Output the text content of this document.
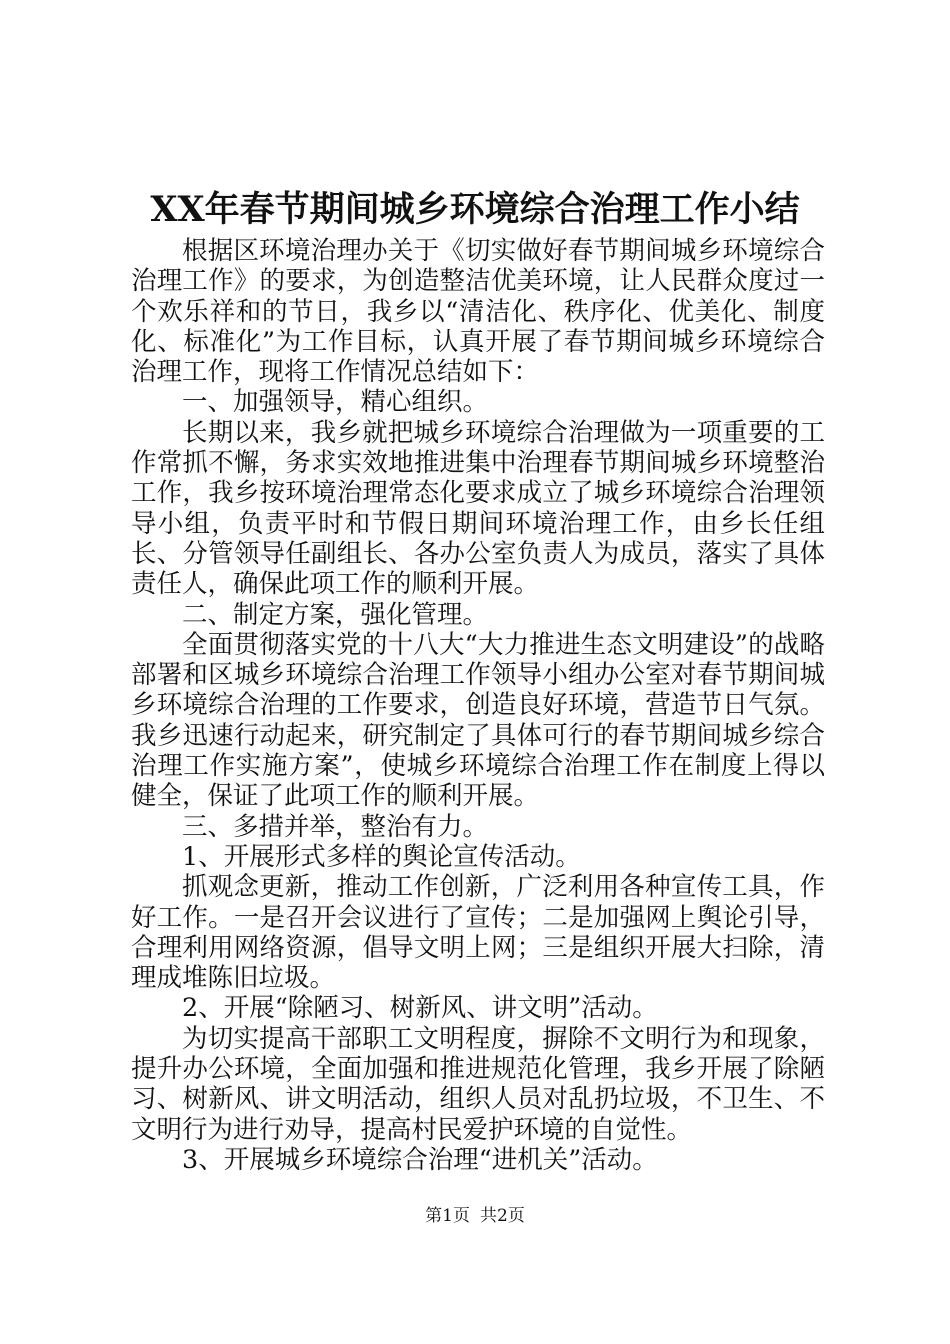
XX年春节期间城乡环境综合治理工作小结

根据区环境治理办关于《切实做好春节期间城乡环境综合治理工作》的要求，为创造整洁优美环境，让人民群众度过一个欢乐祥和的节日，我乡以“清洁化、秩序化、优美化、制度化、标准化”为工作目标，认真开展了春节期间城乡环境综合治理工作，现将工作情况总结如下：

一、加强领导，精心组织。

长期以来，我乡就把城乡环境综合治理做为一项重要的工作常抓不懈，务求实效地推进集中治理春节期间城乡环境整治工作，我乡按环境治理常态化要求成立了城乡环境综合治理领导小组，负责平时和节假日期间环境治理工作，由乡长任组长、分管领导任副组长、各办公室负责人为成员，落实了具体责任人，确保此项工作的顺利开展。

二、制定方案，强化管理。

全面贯彻落实党的十八大“大力推进生态文明建设”的战略部署和区城乡环境综合治理工作领导小组办公室对春节期间城乡环境综合治理的工作要求，创造良好环境，营造节日气氛。我乡迅速行动起来，研究制定了具体可行的春节期间城乡综合治理工作实施方案”，使城乡环境综合治理工作在制度上得以健全，保证了此项工作的顺利开展。

三、多措并举，整治有力。

1、开展形式多样的舆论宣传活动。

抓观念更新，推动工作创新，广泛利用各种宣传工具，作好工作。一是召开会议进行了宣传；二是加强网上舆论引导，合理利用网络资源，倡导文明上网；三是组织开展大扫除，清理成堆陈旧垃圾。

2、开展“除陋习、树新风、讲文明”活动。

为切实提高干部职工文明程度，摒除不文明行为和现象，提升办公环境，全面加强和推进规范化管理，我乡开展了除陋习、树新风、讲文明活动，组织人员对乱扔垃圾，不卫生、不文明行为进行劝导，提高村民爱护环境的自觉性。

3、开展城乡环境综合治理“进机关”活动。

第1页 共2页
